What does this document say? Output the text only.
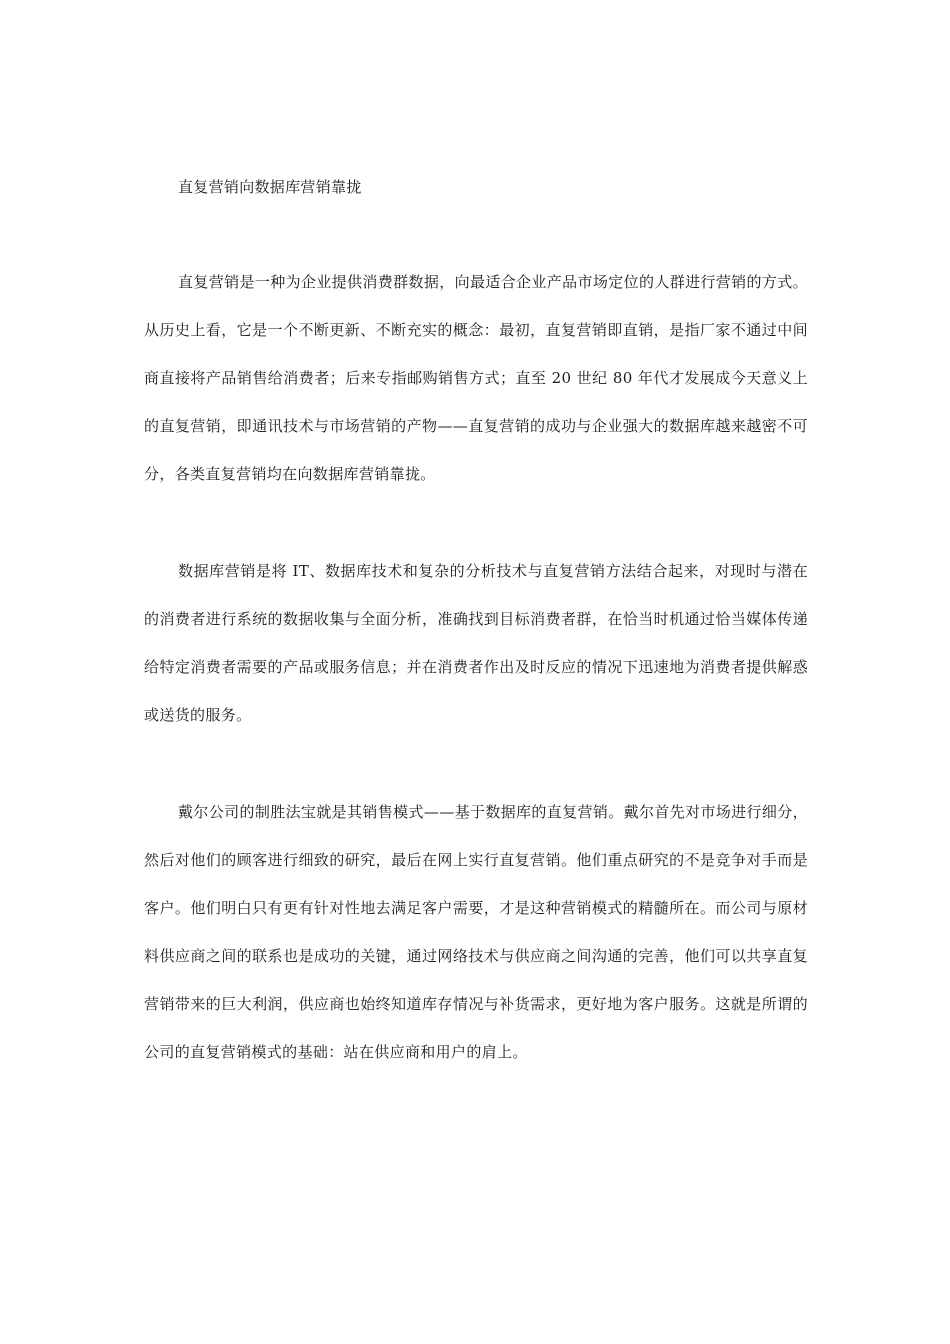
直复营销向数据库营销靠拢

直复营销是一种为企业提供消费群数据，向最适合企业产品市场定位的人群进行营销的方式。从历史上看，它是一个不断更新、不断充实的概念：最初，直复营销即直销，是指厂家不通过中间商直接将产品销售给消费者；后来专指邮购销售方式；直至 20 世纪 80 年代才发展成今天意义上的直复营销，即通讯技术与市场营销的产物——直复营销的成功与企业强大的数据库越来越密不可分，各类直复营销均在向数据库营销靠拢。

数据库营销是将 IT、数据库技术和复杂的分析技术与直复营销方法结合起来，对现时与潜在的消费者进行系统的数据收集与全面分析，准确找到目标消费者群，在恰当时机通过恰当媒体传递给特定消费者需要的产品或服务信息；并在消费者作出及时反应的情况下迅速地为消费者提供解惑或送货的服务。

戴尔公司的制胜法宝就是其销售模式——基于数据库的直复营销。戴尔首先对市场进行细分，然后对他们的顾客进行细致的研究，最后在网上实行直复营销。他们重点研究的不是竞争对手而是客户。他们明白只有更有针对性地去满足客户需要，才是这种营销模式的精髓所在。而公司与原材料供应商之间的联系也是成功的关键，通过网络技术与供应商之间沟通的完善，他们可以共享直复营销带来的巨大利润，供应商也始终知道库存情况与补货需求，更好地为客户服务。这就是所谓的公司的直复营销模式的基础：站在供应商和用户的肩上。
